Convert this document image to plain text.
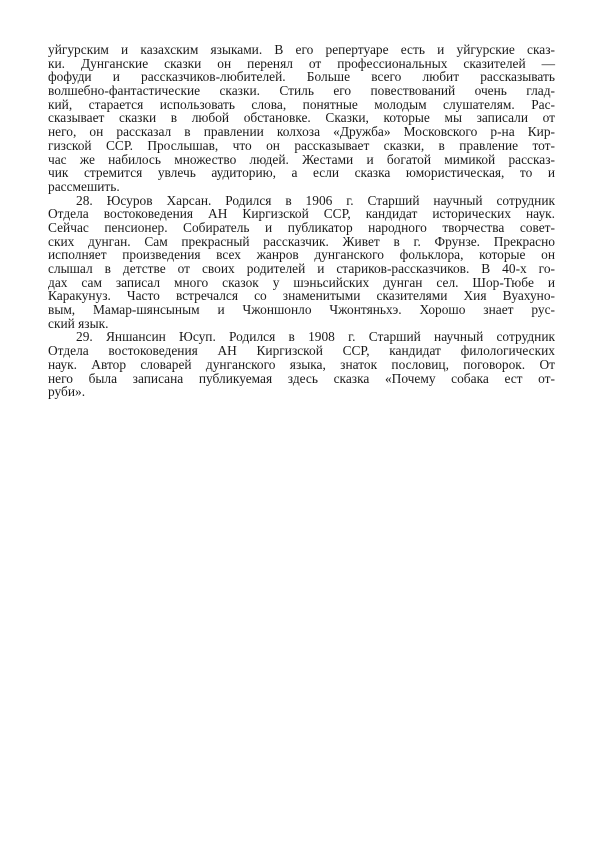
уйгурским и казахским языками. В его репертуаре есть и уйгурские сказ-
ки. Дунганские сказки он перенял от профессиональных сказителей —
фофуди и рассказчиков-любителей. Больше всего любит рассказывать
волшебно-фантастические сказки. Стиль его повествований очень глад-
кий, старается использовать слова, понятные молодым слушателям. Рас-
сказывает сказки в любой обстановке. Сказки, которые мы записали от
него, он рассказал в правлении колхоза «Дружба» Московского р-на Кир-
гизской ССР. Прослышав, что он рассказывает сказки, в правление тот-
час же набилось множество людей. Жестами и богатой мимикой рассказ-
чик стремится увлечь аудиторию, а если сказка юмористическая, то и
рассмешить.
28. Юсуров Харсан. Родился в 1906 г. Старший научный сотрудник
Отдела востоковедения АН Киргизской ССР, кандидат исторических наук.
Сейчас пенсионер. Собиратель и публикатор народного творчества совет-
ских дунган. Сам прекрасный рассказчик. Живет в г. Фрунзе. Прекрасно
исполняет произведения всех жанров дунганского фольклора, которые он
слышал в детстве от своих родителей и стариков-рассказчиков. В 40-х го-
дах сам записал много сказок у шэньсийских дунган сел. Шор-Тюбе и
Каракунуз. Часто встречался со знаменитыми сказителями Хия Вуахуно-
вым, Мамар-шянсыным и Чжоншонло Чжонтяньхэ. Хорошо знает рус-
ский язык.
29. Яншансин Юсуп. Родился в 1908 г. Старший научный сотрудник
Отдела востоковедения АН Киргизской ССР, кандидат филологических
наук. Автор словарей дунганского языка, знаток пословиц, поговорок. От
него была записана публикуемая здесь сказка «Почему собака ест от-
руби».
